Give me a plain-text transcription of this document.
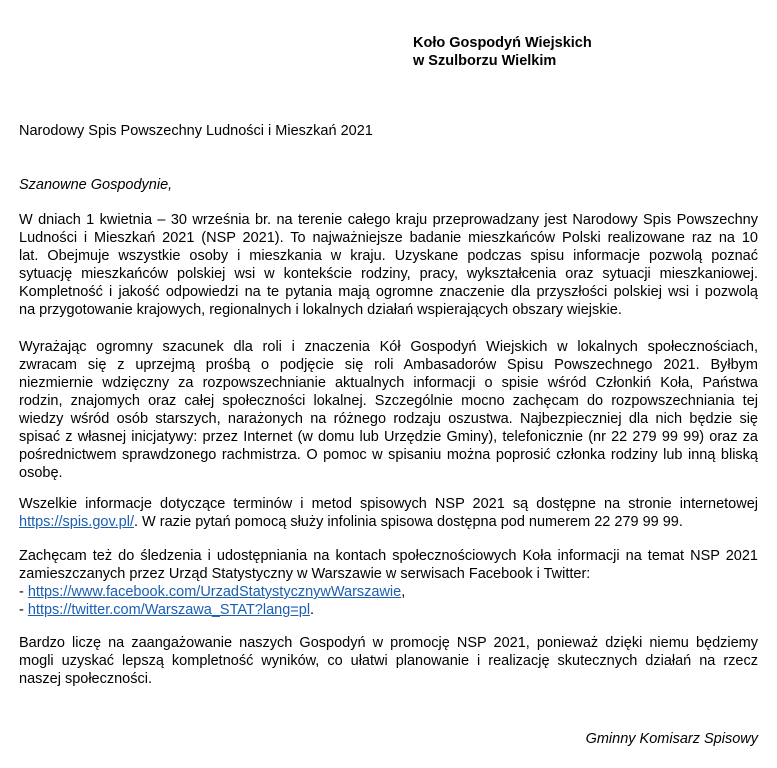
Koło Gospodyń Wiejskich
w Szulborzu Wielkim
Narodowy Spis Powszechny Ludności i Mieszkań 2021
Szanowne Gospodynie,
W dniach 1 kwietnia – 30 września br. na terenie całego kraju przeprowadzany jest Narodowy Spis Powszechny
Ludności i Mieszkań 2021 (NSP 2021). To najważniejsze badanie mieszkańców Polski realizowane raz na 10
lat. Obejmuje wszystkie osoby i mieszkania w kraju. Uzyskane podczas spisu informacje pozwolą poznać
sytuację mieszkańców polskiej wsi w kontekście rodziny, pracy, wykształcenia oraz sytuacji mieszkaniowej.
Kompletność i jakość odpowiedzi na te pytania mają ogromne znaczenie dla przyszłości polskiej wsi i pozwolą
na przygotowanie krajowych, regionalnych i lokalnych działań wspierających obszary wiejskie.
Wyrażając ogromny szacunek dla roli i znaczenia Kół Gospodyń Wiejskich w lokalnych społecznościach,
zwracam się z uprzejmą prośbą o podjęcie się roli Ambasadorów Spisu Powszechnego 2021. Byłbym
niezmiernie wdzięczny za rozpowszechnianie aktualnych informacji o spisie wśród Członkiń Koła, Państwa
rodzin, znajomych oraz całej społeczności lokalnej. Szczególnie mocno zachęcam do rozpowszechniania tej
wiedzy wśród osób starszych, narażonych na różnego rodzaju oszustwa. Najbezpieczniej dla nich będzie się
spisać z własnej inicjatywy: przez Internet (w domu lub Urzędzie Gminy), telefonicznie (nr 22 279 99 99) oraz za
pośrednictwem sprawdzonego rachmistrza. O pomoc w spisaniu można poprosić członka rodziny lub inną bliską
osobę.
Wszelkie informacje dotyczące terminów i metod spisowych NSP 2021 są dostępne na stronie internetowej
https://spis.gov.pl/. W razie pytań pomocą służy infolinia spisowa dostępna pod numerem 22 279 99 99.
Zachęcam też do śledzenia i udostępniania na kontach społecznościowych Koła informacji na temat NSP 2021
zamieszczanych przez Urząd Statystyczny w Warszawie w serwisach Facebook i Twitter:
- https://www.facebook.com/UrzadStatystycznywWarszawie,
- https://twitter.com/Warszawa_STAT?lang=pl.
Bardzo liczę na zaangażowanie naszych Gospodyń w promocję NSP 2021, ponieważ dzięki niemu będziemy
mogli uzyskać lepszą kompletność wyników, co ułatwi planowanie i realizację skutecznych działań na rzecz
naszej społeczności.
Gminny Komisarz Spisowy
